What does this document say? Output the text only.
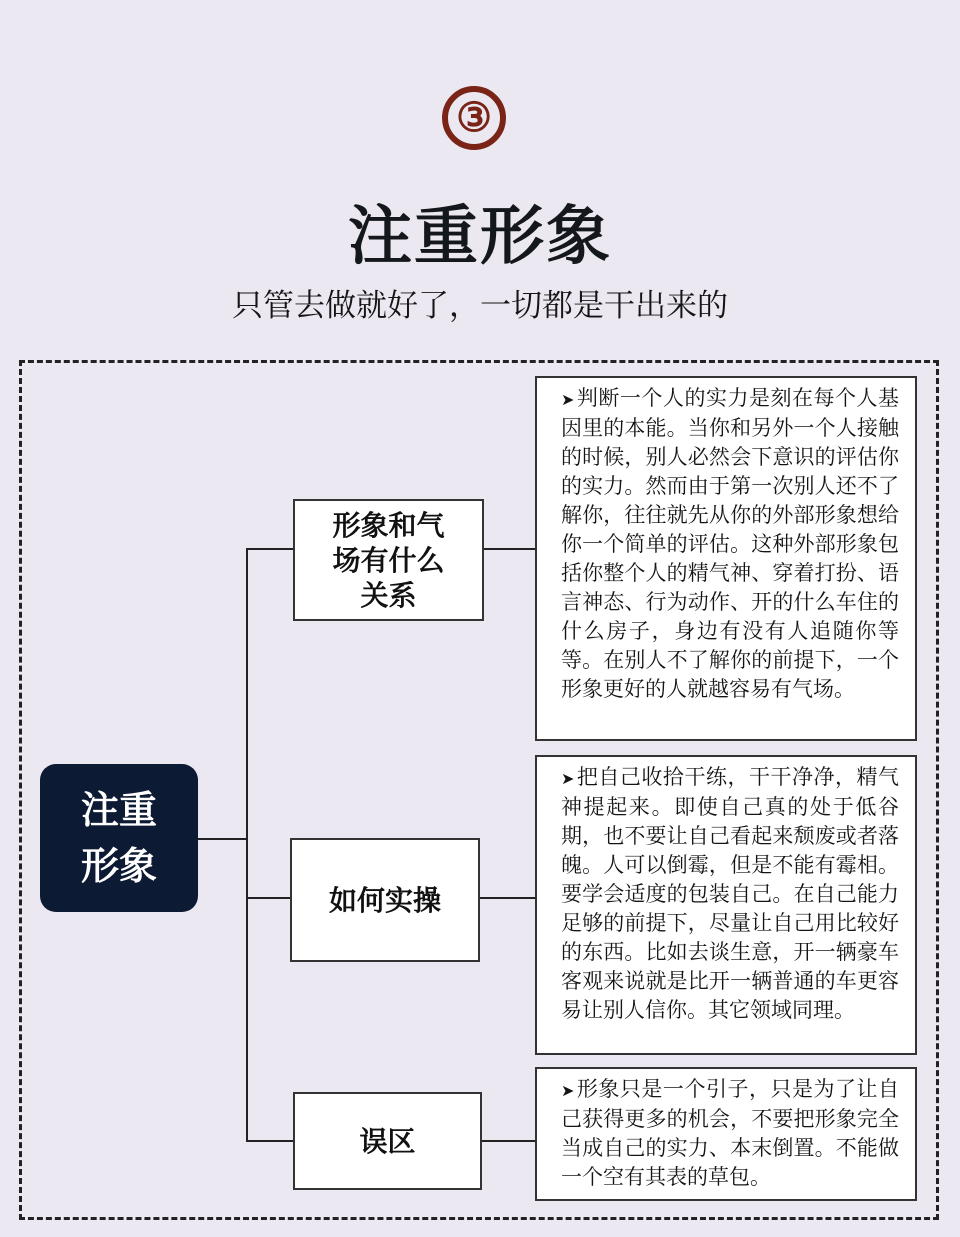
③
注重形象
只管去做就好了，一切都是干出来的
注重
形象
形象和气
场有什么
关系
如何实操
误区
➤判断一个人的实力是刻在每个人基因里的本能。当你和另外一个人接触的时候，别人必然会下意识的评估你的实力。然而由于第一次别人还不了解你，往往就先从你的外部形象想给你一个简单的评估。这种外部形象包括你整个人的精气神、穿着打扮、语言神态、行为动作、开的什么车住的什么房子，身边有没有人追随你等等。在别人不了解你的前提下，一个形象更好的人就越容易有气场。
➤把自己收拾干练，干干净净，精气神提起来。即使自己真的处于低谷期，也不要让自己看起来颓废或者落魄。人可以倒霉，但是不能有霉相。要学会适度的包装自己。在自己能力足够的前提下，尽量让自己用比较好的东西。比如去谈生意，开一辆豪车客观来说就是比开一辆普通的车更容易让别人信你。其它领域同理。
➤形象只是一个引子，只是为了让自己获得更多的机会，不要把形象完全当成自己的实力、本末倒置。不能做一个空有其表的草包。
